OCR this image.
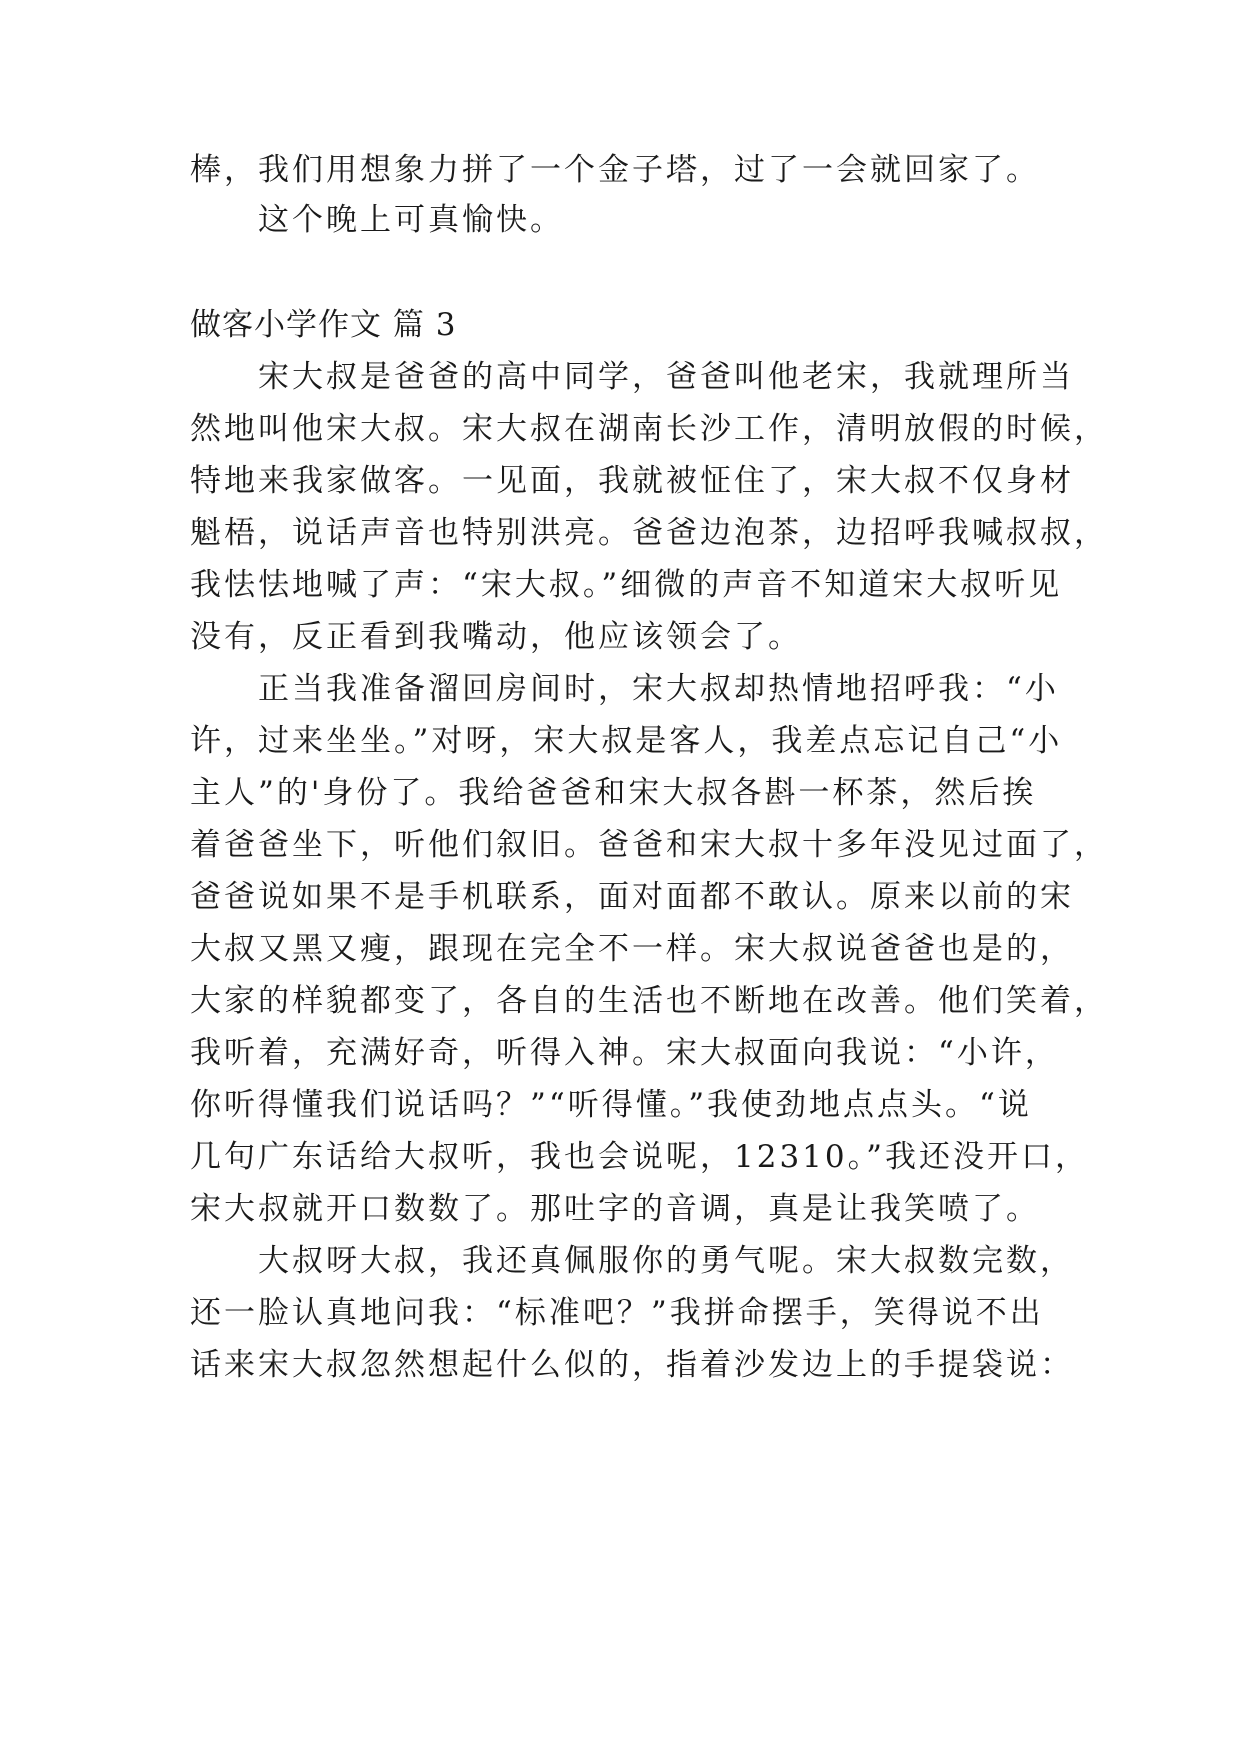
棒，我们用想象力拼了一个金子塔，过了一会就回家了。
这个晚上可真愉快。
做客小学作文 篇 3
宋大叔是爸爸的高中同学，爸爸叫他老宋，我就理所当
然地叫他宋大叔。宋大叔在湖南长沙工作，清明放假的时候，
特地来我家做客。一见面，我就被怔住了，宋大叔不仅身材
魁梧，说话声音也特别洪亮。爸爸边泡茶，边招呼我喊叔叔，
我怯怯地喊了声：“宋大叔。”细微的声音不知道宋大叔听见
没有，反正看到我嘴动，他应该领会了。
正当我准备溜回房间时，宋大叔却热情地招呼我：“小
许，过来坐坐。”对呀，宋大叔是客人，我差点忘记自己“小
主人”的'身份了。我给爸爸和宋大叔各斟一杯茶，然后挨
着爸爸坐下，听他们叙旧。爸爸和宋大叔十多年没见过面了，
爸爸说如果不是手机联系，面对面都不敢认。原来以前的宋
大叔又黑又瘦，跟现在完全不一样。宋大叔说爸爸也是的，
大家的样貌都变了，各自的生活也不断地在改善。他们笑着，
我听着，充满好奇，听得入神。宋大叔面向我说：“小许，
你听得懂我们说话吗？”“听得懂。”我使劲地点点头。“说
几句广东话给大叔听，我也会说呢，12310。”我还没开口，
宋大叔就开口数数了。那吐字的音调，真是让我笑喷了。
大叔呀大叔，我还真佩服你的勇气呢。宋大叔数完数，
还一脸认真地问我：“标准吧？”我拼命摆手，笑得说不出
话来宋大叔忽然想起什么似的，指着沙发边上的手提袋说：
